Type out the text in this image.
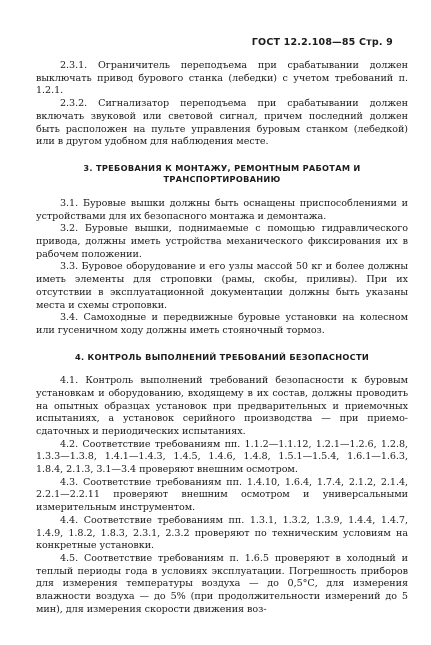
ГОСТ 12.2.108—85 Стр. 9

2.3.1. Ограничитель переподъема при срабатывании должен выключать привод бурового станка (лебедки) с учетом требований п. 1.2.1.

2.3.2. Сигнализатор переподъема при срабатывании должен включать звуковой или световой сигнал, причем последний должен быть расположен на пульте управления буровым станком (лебедкой) или в другом удобном для наблюдения месте.

3. ТРЕБОВАНИЯ К МОНТАЖУ, РЕМОНТНЫМ РАБОТАМ И ТРАНСПОРТИРОВАНИЮ

3.1. Буровые вышки должны быть оснащены приспособлениями и устройствами для их безопасного монтажа и демонтажа.

3.2. Буровые вышки, поднимаемые с помощью гидравлического привода, должны иметь устройства механического фиксирования их в рабочем положении.

3.3. Буровое оборудование и его узлы массой 50 кг и более должны иметь элементы для строповки (рамы, скобы, приливы). При их отсутствии в эксплуатационной документации должны быть указаны места и схемы строповки.

3.4. Самоходные и передвижные буровые установки на колесном или гусеничном ходу должны иметь стояночный тормоз.

4. КОНТРОЛЬ ВЫПОЛНЕНИЙ ТРЕБОВАНИЙ БЕЗОПАСНОСТИ

4.1. Контроль выполнений требований безопасности к буровым установкам и оборудованию, входящему в их состав, должны проводить на опытных образцах установок при предварительных и приемочных испытаниях, а установок серийного производства — при приемо-сдаточных и периодических испытаниях.

4.2. Соответствие требованиям пп. 1.1.2—1.1.12, 1.2.1—1.2.6, 1.2.8, 1.3.3—1.3.8, 1.4.1—1.4.3, 1.4.5, 1.4.6, 1.4.8, 1.5.1—1.5.4, 1.6.1—1.6.3, 1.8.4, 2.1.3, 3.1—3.4 проверяют внешним осмотром.

4.3. Соответствие требованиям пп. 1.4.10, 1.6.4, 1.7.4, 2.1.2, 2.1.4, 2.2.1—2.2.11 проверяют внешним осмотром и универсальными измерительным инструментом.

4.4. Соответствие требованиям пп. 1.3.1, 1.3.2, 1.3.9, 1.4.4, 1.4.7, 1.4.9, 1.8.2, 1.8.3, 2.3.1, 2.3.2 проверяют по техническим условиям на конкретные установки.

4.5. Соответствие требованиям п. 1.6.5 проверяют в холодный и теплый периоды года в условиях эксплуатации. Погрешность приборов для измерения температуры воздуха — до 0,5°С, для измерения влажности воздуха — до 5% (при продолжительности измерений до 5 мин), для измерения скорости движения воз-
